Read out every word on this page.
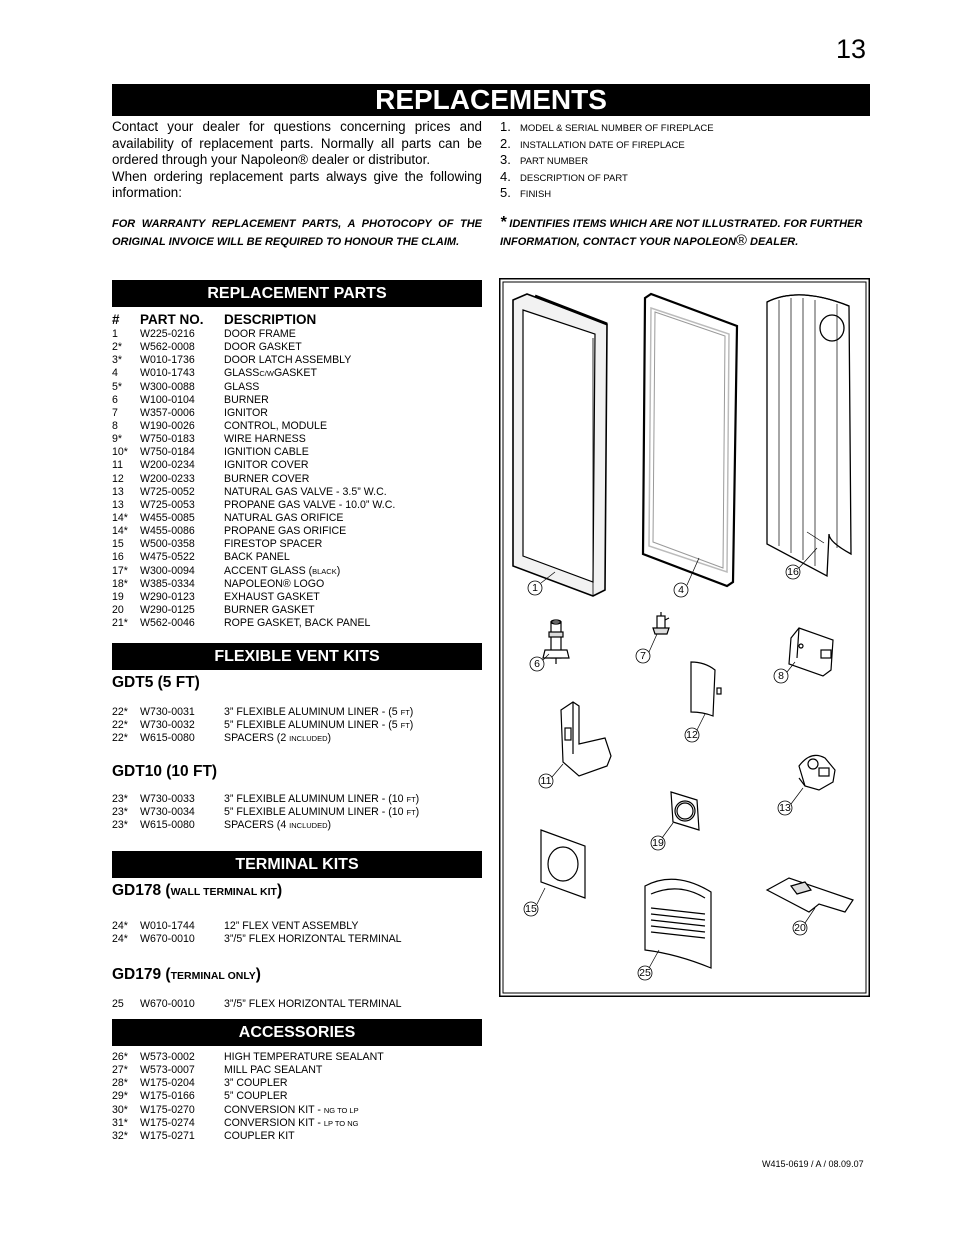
13
REPLACEMENTS

Contact your dealer for questions concerning prices and availability of replacement parts. Normally all parts can be ordered through your Napoleon® dealer or distributor.

When ordering replacement parts always give the following information:

FOR WARRANTY REPLACEMENT PARTS, A PHOTOCOPY OF THE ORIGINAL INVOICE WILL BE REQUIRED TO HONOUR THE CLAIM.
1. MODEL & SERIAL NUMBER OF FIREPLACE
2. INSTALLATION DATE OF FIREPLACE
3. PART NUMBER
4. DESCRIPTION OF PART
5. FINISH
* IDENTIFIES ITEMS WHICH ARE NOT ILLUSTRATED. FOR FURTHER INFORMATION, CONTACT YOUR NAPOLEON® DEALER.
REPLACEMENT PARTS
# PART NO. DESCRIPTION
1 W225-0216	DOOR FRAME
2* W562-0008	DOOR GASKET
3* W010-1736	DOOR LATCH ASSEMBLY
4 W010-1743	GLASSC/WGASKET
5* W300-0088	GLASS
6 W100-0104	BURNER
7 W357-0006	IGNITOR
8 W190-0026	CONTROL, MODULE
9* W750-0183	WIRE HARNESS
10* W750-0184	IGNITION CABLE
11 W200-0234	IGNITOR COVER
12 W200-0233	BURNER COVER
13 W725-0052	NATURAL GAS VALVE - 3.5” W.C.
13 W725-0053	PROPANE GAS VALVE - 10.0” W.C.
14* W455-0085	NATURAL GAS ORIFICE
14* W455-0086	PROPANE GAS ORIFICE
15 W500-0358	FIRESTOP SPACER
16 W475-0522	BACK PANEL
17* W300-0094	ACCENT GLASS (BLACK)
18* W385-0334	NAPOLEON® LOGO
19 W290-0123	EXHAUST GASKET
20 W290-0125	BURNER GASKET
21* W562-0046	ROPE GASKET, BACK PANEL
FLEXIBLE VENT KITS
GDT5 (5 FT)
22* W730-0031	3” FLEXIBLE ALUMINUM LINER - (5 FT)
22* W730-0032	5” FLEXIBLE ALUMINUM LINER - (5 FT)
22* W615-0080	SPACERS (2 INCLUDED)
GDT10 (10 FT)
23* W730-0033	3” FLEXIBLE ALUMINUM LINER - (10 FT)
23* W730-0034	5” FLEXIBLE ALUMINUM LINER - (10 FT)
23* W615-0080	SPACERS (4 INCLUDED)
TERMINAL KITS
GD178 (WALL TERMINAL KIT)
24* W010-1744	12” FLEX VENT ASSEMBLY
24* W670-0010	3”/5” FLEX HORIZONTAL TERMINAL
GD179 (TERMINAL ONLY)
25 W670-0010	3”/5” FLEX HORIZONTAL TERMINAL
ACCESSORIES
26* W573-0002	HIGH TEMPERATURE SEALANT
27* W573-0007	MILL PAC SEALANT
28* W175-0204	3” COUPLER
29* W175-0166	5” COUPLER
30* W175-0270	CONVERSION KIT - NG TO LP
31* W175-0274	CONVERSION KIT - LP TO NG
32* W175-0271	COUPLER KIT
W415-0619 / A / 08.09.07
1	4
16
6
7
8
12
11
13
19
15
25
20
